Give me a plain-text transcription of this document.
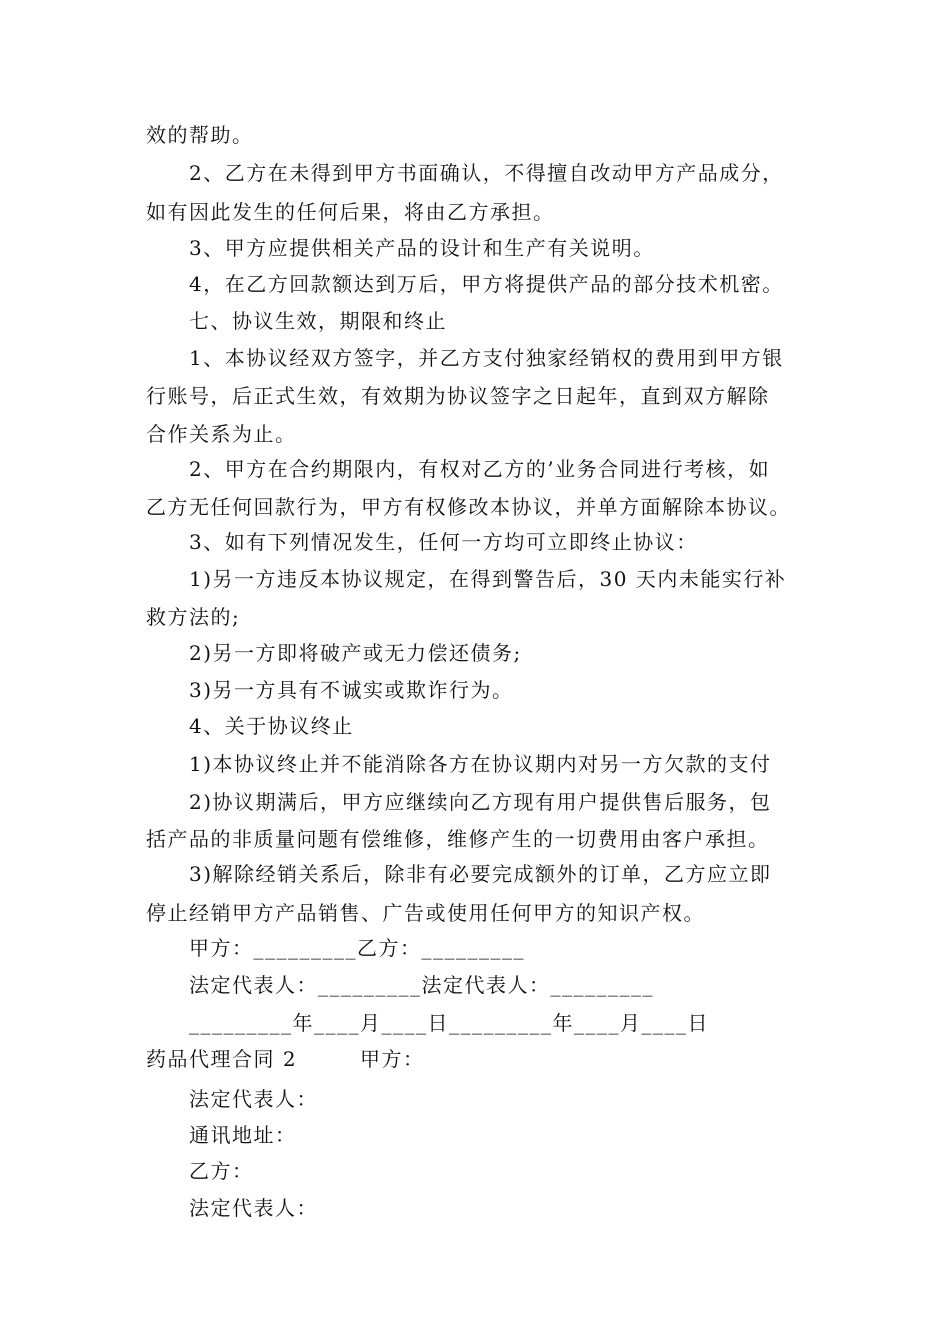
效的帮助。
2、乙方在未得到甲方书面确认，不得擅自改动甲方产品成分，
如有因此发生的任何后果，将由乙方承担。
3、甲方应提供相关产品的设计和生产有关说明。
4，在乙方回款额达到万后，甲方将提供产品的部分技术机密。
七、协议生效，期限和终止
1、本协议经双方签字，并乙方支付独家经销权的费用到甲方银
行账号，后正式生效，有效期为协议签字之日起年，直到双方解除
合作关系为止。
2、甲方在合约期限内，有权对乙方的’业务合同进行考核，如
乙方无任何回款行为，甲方有权修改本协议，并单方面解除本协议。
3、如有下列情况发生，任何一方均可立即终止协议：
1)另一方违反本协议规定，在得到警告后，30 天内未能实行补
救方法的;
2)另一方即将破产或无力偿还债务;
3)另一方具有不诚实或欺诈行为。
4、关于协议终止
1)本协议终止并不能消除各方在协议期内对另一方欠款的支付
2)协议期满后，甲方应继续向乙方现有用户提供售后服务，包
括产品的非质量问题有偿维修，维修产生的一切费用由客户承担。
3)解除经销关系后，除非有必要完成额外的订单，乙方应立即
停止经销甲方产品销售、广告或使用任何甲方的知识产权。
甲方：_________乙方：_________
法定代表人：_________法定代表人：_________
_________年____月____日_________年____月____日
药品代理合同 2        甲方：
法定代表人：
通讯地址：
乙方：
法定代表人：
